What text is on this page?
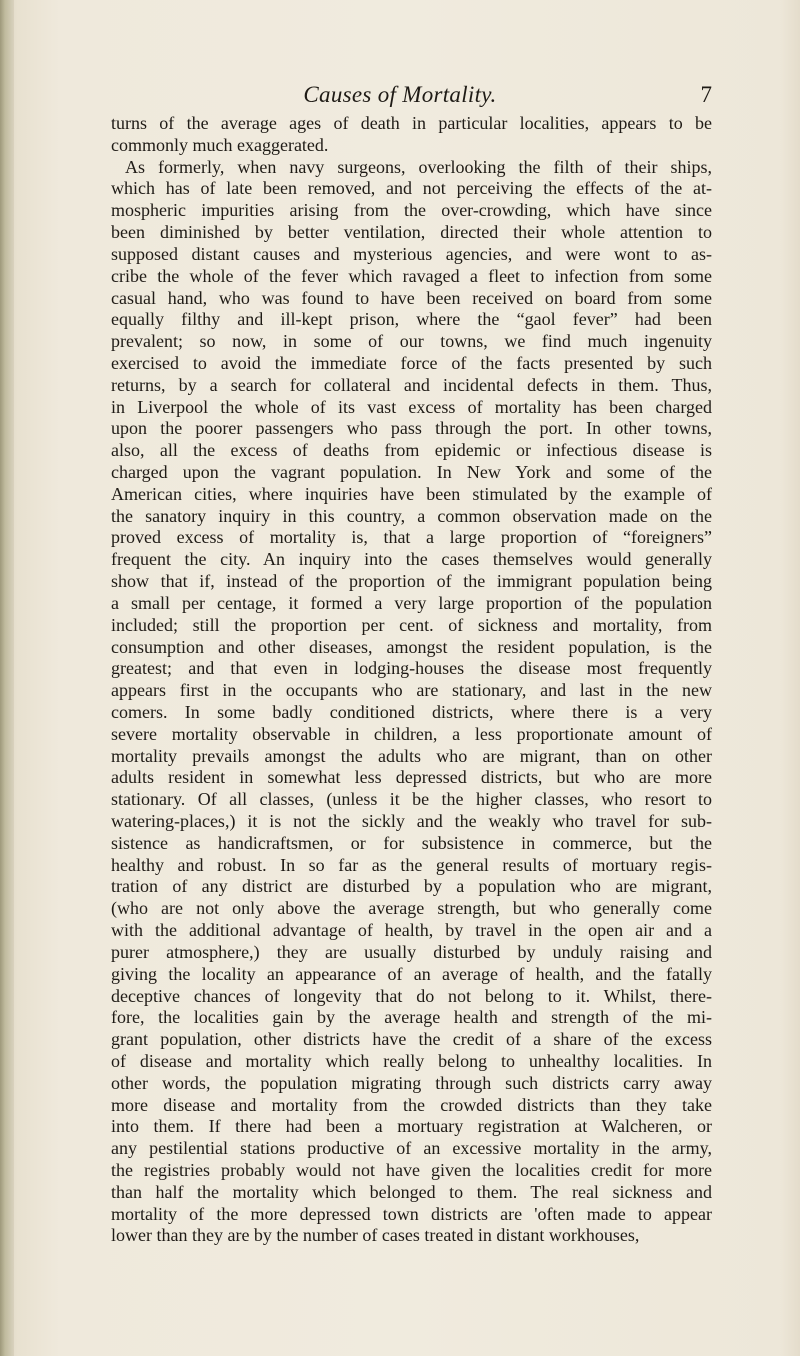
Causes of Mortality.	7
turns of the average ages of death in particular localities, appears to be
commonly much exaggerated.
As formerly, when navy surgeons, overlooking the filth of their ships,
which has of late been removed, and not perceiving the effects of the at-
mospheric impurities arising from the over-crowding, which have since
been diminished by better ventilation, directed their whole attention to
supposed distant causes and mysterious agencies, and were wont to as-
cribe the whole of the fever which ravaged a fleet to infection from some
casual hand, who was found to have been received on board from some
equally filthy and ill-kept prison, where the “gaol fever” had been
prevalent; so now, in some of our towns, we find much ingenuity
exercised to avoid the immediate force of the facts presented by such
returns, by a search for collateral and incidental defects in them. Thus,
in Liverpool the whole of its vast excess of mortality has been charged
upon the poorer passengers who pass through the port. In other towns,
also, all the excess of deaths from epidemic or infectious disease is
charged upon the vagrant population. In New York and some of the
American cities, where inquiries have been stimulated by the example of
the sanatory inquiry in this country, a common observation made on the
proved excess of mortality is, that a large proportion of “foreigners”
frequent the city. An inquiry into the cases themselves would generally
show that if, instead of the proportion of the immigrant population being
a small per centage, it formed a very large proportion of the population
included; still the proportion per cent. of sickness and mortality, from
consumption and other diseases, amongst the resident population, is the
greatest; and that even in lodging-houses the disease most frequently
appears first in the occupants who are stationary, and last in the new
comers. In some badly conditioned districts, where there is a very
severe mortality observable in children, a less proportionate amount of
mortality prevails amongst the adults who are migrant, than on other
adults resident in somewhat less depressed districts, but who are more
stationary. Of all classes, (unless it be the higher classes, who resort to
watering-places,) it is not the sickly and the weakly who travel for sub-
sistence as handicraftsmen, or for subsistence in commerce, but the
healthy and robust. In so far as the general results of mortuary regis-
tration of any district are disturbed by a population who are migrant,
(who are not only above the average strength, but who generally come
with the additional advantage of health, by travel in the open air and a
purer atmosphere,) they are usually disturbed by unduly raising and
giving the locality an appearance of an average of health, and the fatally
deceptive chances of longevity that do not belong to it. Whilst, there-
fore, the localities gain by the average health and strength of the mi-
grant population, other districts have the credit of a share of the excess
of disease and mortality which really belong to unhealthy localities. In
other words, the population migrating through such districts carry away
more disease and mortality from the crowded districts than they take
into them. If there had been a mortuary registration at Walcheren, or
any pestilential stations productive of an excessive mortality in the army,
the registries probably would not have given the localities credit for more
than half the mortality which belonged to them. The real sickness and
mortality of the more depressed town districts are 'often made to appear
lower than they are by the number of cases treated in distant workhouses,
